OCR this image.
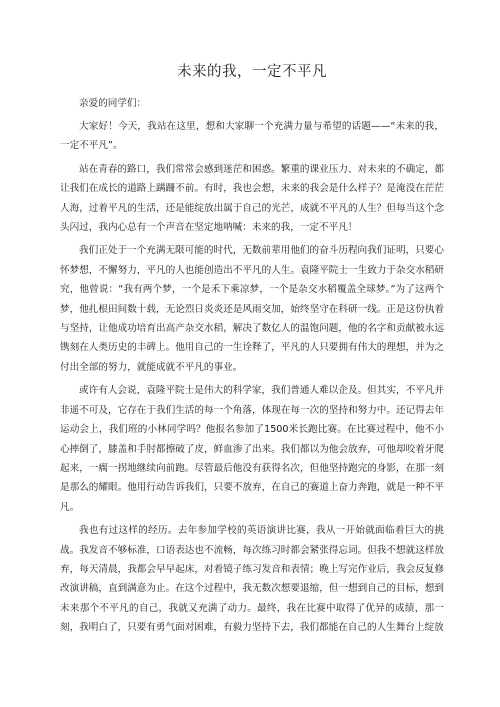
未来的我，一定不平凡

亲爱的同学们：

大家好！今天，我站在这里，想和大家聊一个充满力量与希望的话题——“未来的我，一定不平凡”。

站在青春的路口，我们常常会感到迷茫和困惑。繁重的课业压力、对未来的不确定，都让我们在成长的道路上蹒跚不前。有时，我也会想，未来的我会是什么样子？是淹没在茫茫人海，过着平凡的生活，还是能绽放出属于自己的光芒，成就不平凡的人生？但每当这个念头闪过，我内心总有一个声音在坚定地呐喊：未来的我，一定不平凡！

我们正处于一个充满无限可能的时代，无数前辈用他们的奋斗历程向我们证明，只要心怀梦想，不懈努力，平凡的人也能创造出不平凡的人生。袁隆平院士一生致力于杂交水稻研究，他曾说：“我有两个梦，一个是禾下乘凉梦，一个是杂交水稻覆盖全球梦。”为了这两个梦，他扎根田间数十载，无论烈日炎炎还是风雨交加，始终坚守在科研一线。正是这份执着与坚持，让他成功培育出高产杂交水稻，解决了数亿人的温饱问题，他的名字和贡献被永远镌刻在人类历史的丰碑上。他用自己的一生诠释了，平凡的人只要拥有伟大的理想，并为之付出全部的努力，就能成就不平凡的事业。

或许有人会说，袁隆平院士是伟大的科学家，我们普通人难以企及。但其实，不平凡并非遥不可及，它存在于我们生活的每一个角落，体现在每一次的坚持和努力中。还记得去年运动会上，我们班的小林同学吗？他报名参加了1500米长跑比赛。在比赛过程中，他不小心摔倒了，膝盖和手肘都擦破了皮，鲜血渗了出来。我们都以为他会放弃，可他却咬着牙爬起来，一瘸一拐地继续向前跑。尽管最后他没有获得名次，但他坚持跑完的身影，在那一刻是那么的耀眼。他用行动告诉我们，只要不放弃，在自己的赛道上奋力奔跑，就是一种不平凡。

我也有过这样的经历。去年参加学校的英语演讲比赛，我从一开始就面临着巨大的挑战。我发音不够标准，口语表达也不流畅，每次练习时都会紧张得忘词。但我不想就这样放弃，每天清晨，我都会早早起床，对着镜子练习发音和表情；晚上写完作业后，我会反复修改演讲稿，直到满意为止。在这个过程中，我无数次想要退缩，但一想到自己的目标，想到未来那个不平凡的自己，我就又充满了动力。最终，我在比赛中取得了优异的成绩，那一刻，我明白了，只要有勇气面对困难，有毅力坚持下去，我们都能在自己的人生舞台上绽放
